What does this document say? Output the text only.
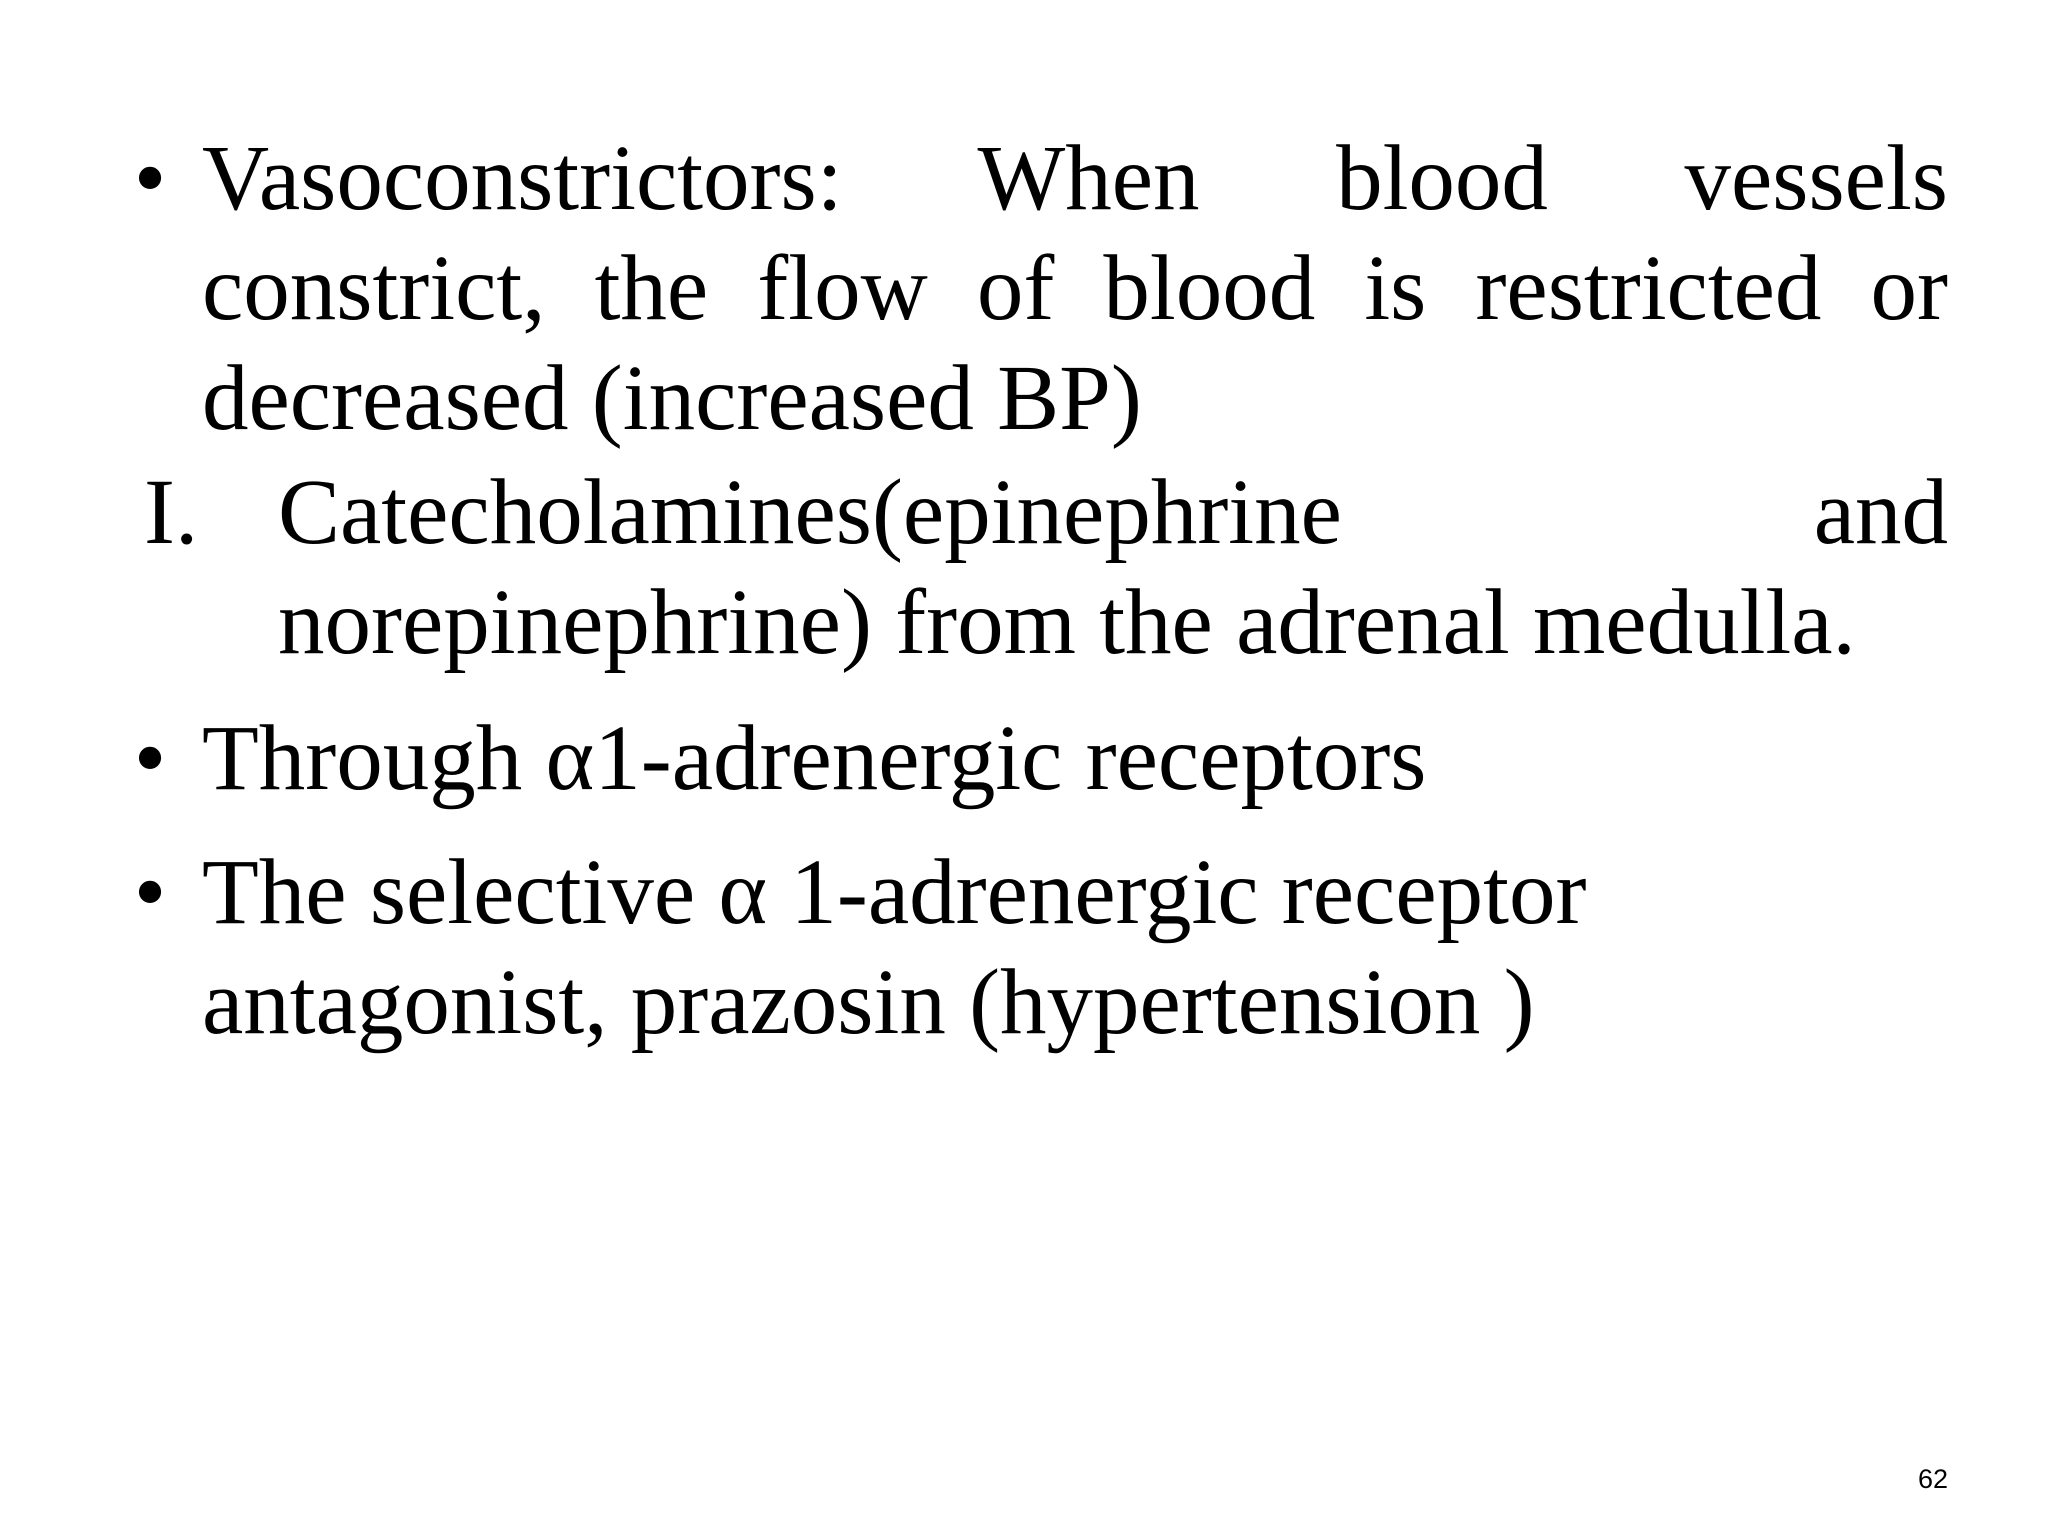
• Vasoconstrictors: When blood vessels constrict, the flow of blood is restricted or decreased (increased BP)
I. Catecholamines(epinephrine and norepinephrine) from the adrenal medulla.
• Through α1-adrenergic receptors
• The selective α 1-adrenergic receptor antagonist, prazosin (hypertension )
62
